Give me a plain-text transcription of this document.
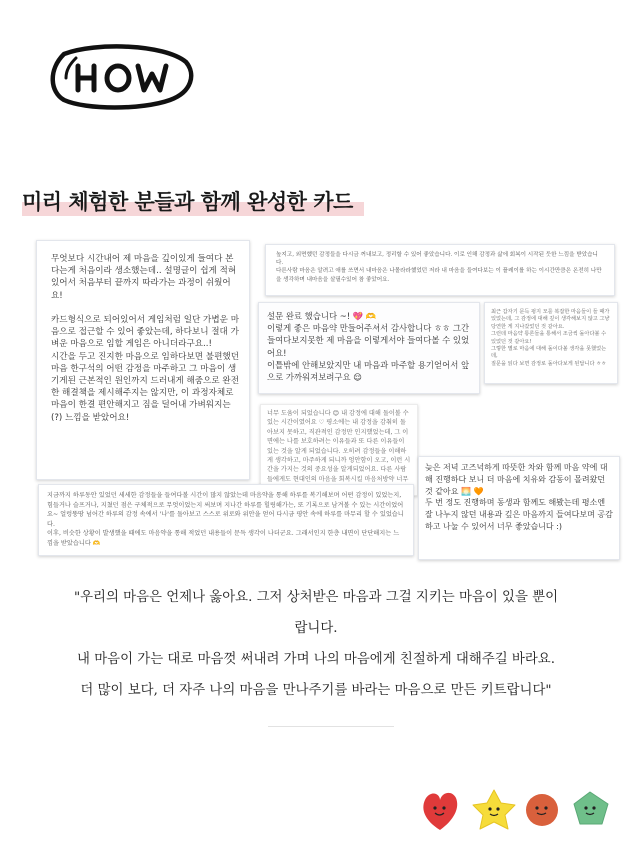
미리 체험한 분들과 함께 완성한 카드

무엇보다 시간내어 제 마음을 깊이있게 들여다 본다는게 처음이라 생소했는데.. 설명글이 쉽게 적혀있어서 처음부터 끝까지 따라가는 과정이 쉬웠어요!

카드형식으로 되어있어서 게임처럼 일단 가볍운 마음으로 접근할 수 있어 좋았는데, 하다보니 절대 가벼운 마음으로 임할 게임은 아니더라구요..!
시간을 두고 진지한 마음으로 임하다보면 불편했던 마음 한구석의 어떤 감정을 마주하고 그 마음이 생기게된 근본적인 원인까지 드러내게 해줌으로 완전한 해결책을 제시해주지는 않지만, 이 과정자체로 마음이 한결 편안해지고 짐을 덜어내 가벼워지는(?) 느낌을 받았어요!

높지고, 외면했던 감정들을 다시금 꺼내보고, 정리할 수 있어 좋았습니다. 이로 인해 감정과 삶에 회복이 시작된 듯한 느낌을 받았습니다.
다른사람 마음은 알려고 애를 쓰면서 내마음은 나몰라라했었던 저라 내 마음을 들여다보는 이 플레이를 하는 이시간만큼은 온전히 나만을 생각하며 내마음을 살필수있어 참 좋았어요.

설문 완료 했습니다 ~! 💖 🫶
이렇게 좋은 마음약 만들어주셔서 감사합니다 ㅎㅎ 그간 들여다보지못한 제 마음을 이렇게서야 들여다볼 수 있었어요!
이틀밖에 안해보았지만 내 마음과 마주할 용기얻어서 앞으로 가까워져보려구요 😌

최근 갑자기 문득 펑지 모를 복잡한 마음들이 들 때가 있었는데, 그 감정에 대해 깊이 생각해보지 않고 그냥 당연한 게 지나갔었던 것 같아요.
그런데 마음약 통론들을 통해서 조금씩 돌아다볼 수 있었던 것 같아요!
그렇한 별로 마음에 대해 돌이다볼 생각을 못했었는데,
질문을 읽다 보면 감정로 돌아다보게 된답니다 ㅎㅎ

너무 도움이 되었습니다 😊 내 감정에 대해 돌이볼 수 있는 시간이였어요 ♡ 평소에는 내 감정을 감춰히 돌아보지 못하고, 직관적인 감정만 인지했었는데, 그 이면에는 나를 보호하려는 이유들과 또 다른 이유들이 있는 것을 알게 되었습니다. 오히려 감정들을 이해하게 생각하고, 마주하게 되니까 엉안함이 오고, 이런 시간을 가지는 것의 중요성을 알게되었어요. 다른 사람들에게도 현대인의 마음을 회복시킬 마음처방약 너무

지금까지 하루동안 있었던 세세한 감정들을 들여다볼 시간이 많지 않았는데 마음약을 통해 하루를 복기해보며 어떤 감정이 있었는지, 힘들거나 슬프거나, 지쳤던 점은 구체적으로 무엇이었는지 써보며 지나간 하루를 힐링해가는, 또 기록으로 남겨볼 수 있는 시간이었어요~ 얼렁뚱땅 넘어간 하루의 감정 속에서 '나'를 돌아보고 스스로 위로와 위안을 얻어 다시금 평안 속에 하루를 마무리 할 수 있었습니다.
이후, 비슷한 상황이 발생했을 때에도 마음약을 통해 적었던 내용들이 문득 생각이 나더군요. 그래서인지 한층 내면이 단단해지는 느낌을 받았습니다 🫶

늦은 저녁 고즈넉하게 따뜻한 차와 함께 마음 약에 대해 진행하다 보니 더 마음에 치유와 감동이 몰려왔던 것 같아요 🌅 🧡
두 번 정도 진행하며 동생과 함께도 해봤는데 평소엔 잘 나누지 않던 내용과 깊은 마음까지 들여다보며 공감하고 나눌 수 있어서 너무 좋았습니다 :)

"우리의 마음은 언제나 옳아요. 그저 상처받은 마음과 그걸 지키는 마음이 있을 뿐이
랍니다.
내 마음이 가는 대로 마음껏 써내려 가며 나의 마음에게 친절하게 대해주길 바라요.
더 많이 보다, 더 자주 나의 마음을 만나주기를 바라는 마음으로 만든 키트랍니다"
